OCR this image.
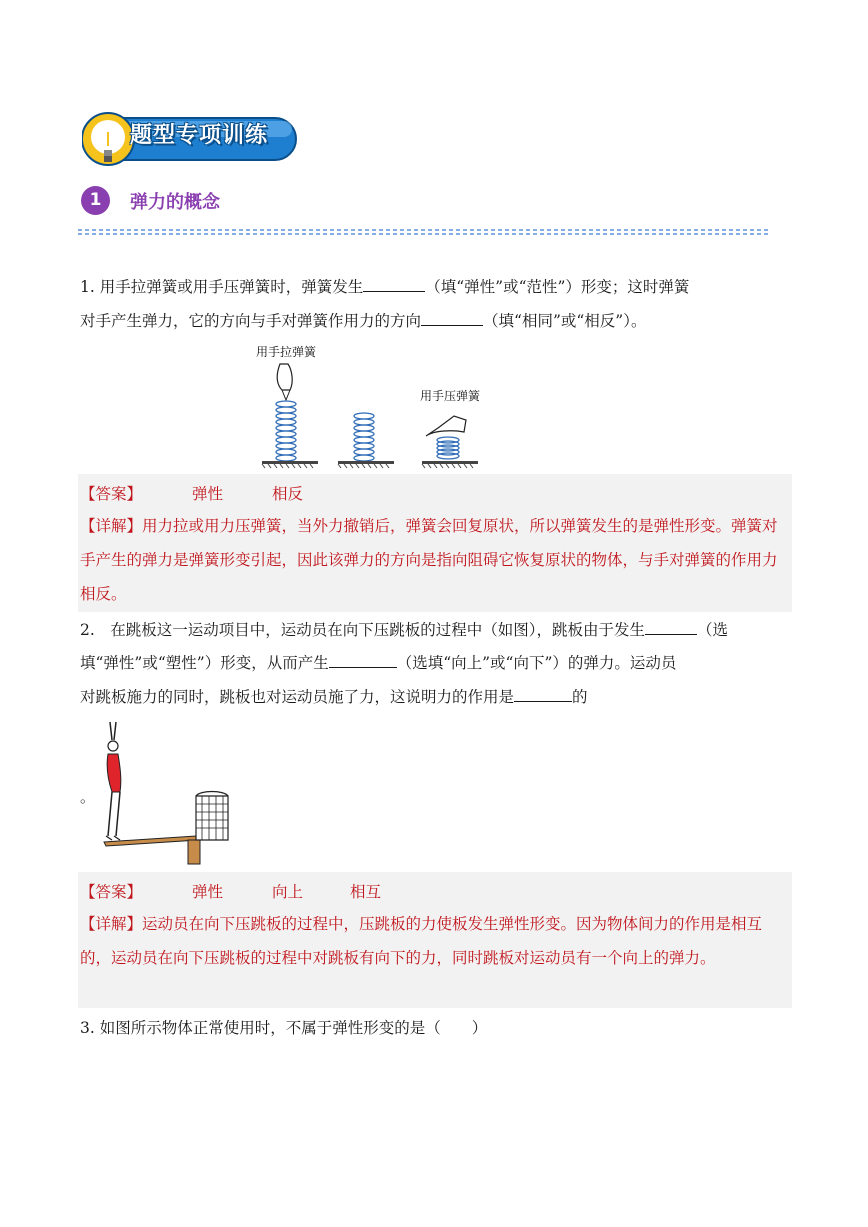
题型专项训练
1	弹力的概念
1. 用手拉弹簧或用手压弹簧时，弹簧发生	（填“弹性”或“范性”）形变；这时弹簧
对手产生弹力，它的方向与手对弹簧作用力的方向	（填“相同”或“相反”）。
用手拉弹簧
用手压弹簧
【答案】	弹性	相反
【详解】用力拉或用力压弹簧，当外力撤销后，弹簧会回复原状，所以弹簧发生的是弹性形变。弹簧对手产生的弹力是弹簧形变引起，因此该弹力的方向是指向阻碍它恢复原状的物体，与手对弹簧的作用力相反。
2.　在跳板这一运动项目中，运动员在向下压跳板的过程中（如图），跳板由于发生	（选
填“弹性”或“塑性”）形变，从而产生	（选填“向上”或“向下”）的弹力。运动员
对跳板施力的同时，跳板也对运动员施了力，这说明力的作用是	的
。
【答案】	弹性	向上	相互
【详解】运动员在向下压跳板的过程中，压跳板的力使板发生弹性形变。因为物体间力的作用是相互的，运动员在向下压跳板的过程中对跳板有向下的力，同时跳板对运动员有一个向上的弹力。
3. 如图所示物体正常使用时，不属于弹性形变的是（　　）
